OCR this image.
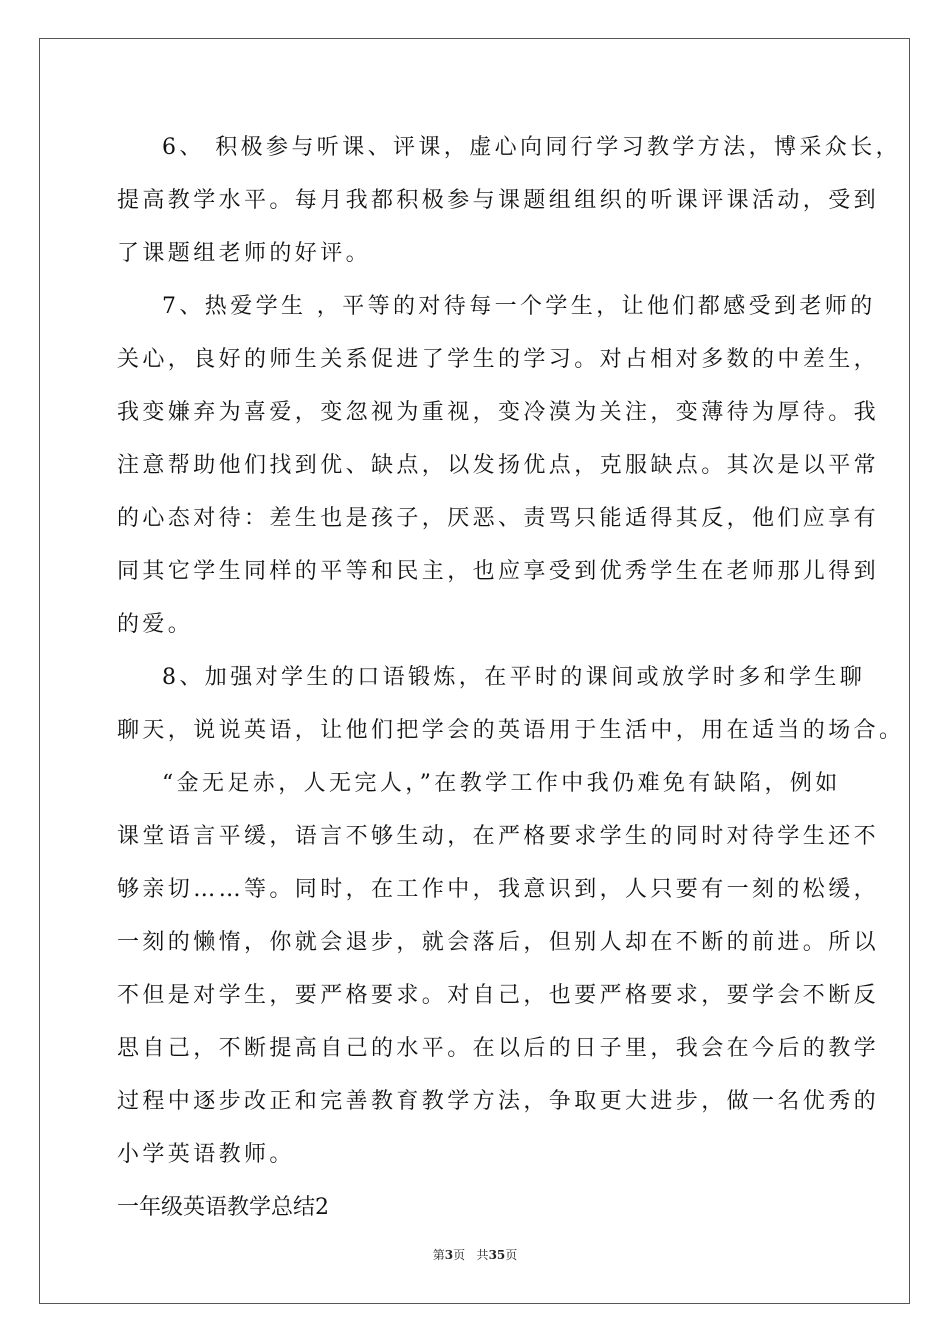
6、 积极参与听课、评课，虚心向同行学习教学方法，博采众长，
提高教学水平。每月我都积极参与课题组组织的听课评课活动，受到
了课题组老师的好评。
7、热爱学生 ，平等的对待每一个学生，让他们都感受到老师的
关心，良好的师生关系促进了学生的学习。对占相对多数的中差生，
我变嫌弃为喜爱，变忽视为重视，变冷漠为关注，变薄待为厚待。我
注意帮助他们找到优、缺点，以发扬优点，克服缺点。其次是以平常
的心态对待：差生也是孩子，厌恶、责骂只能适得其反，他们应享有
同其它学生同样的平等和民主，也应享受到优秀学生在老师那儿得到
的爱。
8、加强对学生的口语锻炼，在平时的课间或放学时多和学生聊
聊天，说说英语，让他们把学会的英语用于生活中，用在适当的场合。
“金无足赤，人无完人，”在教学工作中我仍难免有缺陷，例如
课堂语言平缓，语言不够生动，在严格要求学生的同时对待学生还不
够亲切……等。同时，在工作中，我意识到，人只要有一刻的松缓，
一刻的懒惰，你就会退步，就会落后，但别人却在不断的前进。所以
不但是对学生，要严格要求。对自己，也要严格要求，要学会不断反
思自己，不断提高自己的水平。在以后的日子里，我会在今后的教学
过程中逐步改正和完善教育教学方法，争取更大进步，做一名优秀的
小学英语教师。
一年级英语教学总结2
第3页 共35页
